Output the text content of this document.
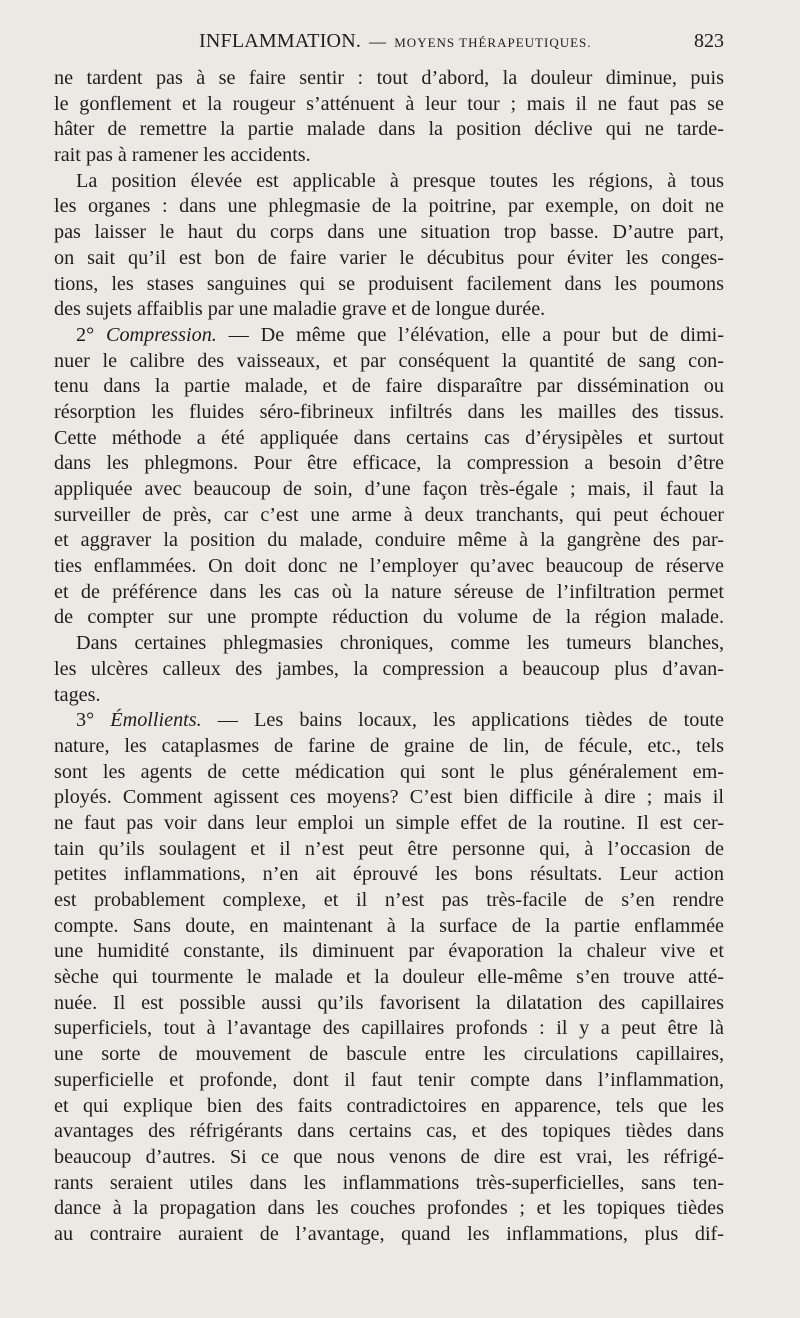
INFLAMMATION. — MOYENS THÉRAPEUTIQUES.	823
ne tardent pas à se faire sentir : tout d’abord, la douleur diminue, puis
le gonflement et la rougeur s’atténuent à leur tour ; mais il ne faut pas se
hâter de remettre la partie malade dans la position déclive qui ne tarde-
rait pas à ramener les accidents.
La position élevée est applicable à presque toutes les régions, à tous
les organes : dans une phlegmasie de la poitrine, par exemple, on doit ne
pas laisser le haut du corps dans une situation trop basse. D’autre part,
on sait qu’il est bon de faire varier le décubitus pour éviter les conges-
tions, les stases sanguines qui se produisent facilement dans les poumons
des sujets affaiblis par une maladie grave et de longue durée.
2° Compression. — De même que l’élévation, elle a pour but de dimi-
nuer le calibre des vaisseaux, et par conséquent la quantité de sang con-
tenu dans la partie malade, et de faire disparaître par dissémination ou
résorption les fluides séro-fibrineux infiltrés dans les mailles des tissus.
Cette méthode a été appliquée dans certains cas d’érysipèles et surtout
dans les phlegmons. Pour être efficace, la compression a besoin d’être
appliquée avec beaucoup de soin, d’une façon très-égale ; mais, il faut la
surveiller de près, car c’est une arme à deux tranchants, qui peut échouer
et aggraver la position du malade, conduire même à la gangrène des par-
ties enflammées. On doit donc ne l’employer qu’avec beaucoup de réserve
et de préférence dans les cas où la nature séreuse de l’infiltration permet
de compter sur une prompte réduction du volume de la région malade.
Dans certaines phlegmasies chroniques, comme les tumeurs blanches,
les ulcères calleux des jambes, la compression a beaucoup plus d’avan-
tages.
3° Émollients. — Les bains locaux, les applications tièdes de toute
nature, les cataplasmes de farine de graine de lin, de fécule, etc., tels
sont les agents de cette médication qui sont le plus généralement em-
ployés. Comment agissent ces moyens? C’est bien difficile à dire ; mais il
ne faut pas voir dans leur emploi un simple effet de la routine. Il est cer-
tain qu’ils soulagent et il n’est peut être personne qui, à l’occasion de
petites inflammations, n’en ait éprouvé les bons résultats. Leur action
est probablement complexe, et il n’est pas très-facile de s’en rendre
compte. Sans doute, en maintenant à la surface de la partie enflammée
une humidité constante, ils diminuent par évaporation la chaleur vive et
sèche qui tourmente le malade et la douleur elle-même s’en trouve atté-
nuée. Il est possible aussi qu’ils favorisent la dilatation des capillaires
superficiels, tout à l’avantage des capillaires profonds : il y a peut être là
une sorte de mouvement de bascule entre les circulations capillaires,
superficielle et profonde, dont il faut tenir compte dans l’inflammation,
et qui explique bien des faits contradictoires en apparence, tels que les
avantages des réfrigérants dans certains cas, et des topiques tièdes dans
beaucoup d’autres. Si ce que nous venons de dire est vrai, les réfrigé-
rants seraient utiles dans les inflammations très-superficielles, sans ten-
dance à la propagation dans les couches profondes ; et les topiques tièdes
au contraire auraient de l’avantage, quand les inflammations, plus dif-
